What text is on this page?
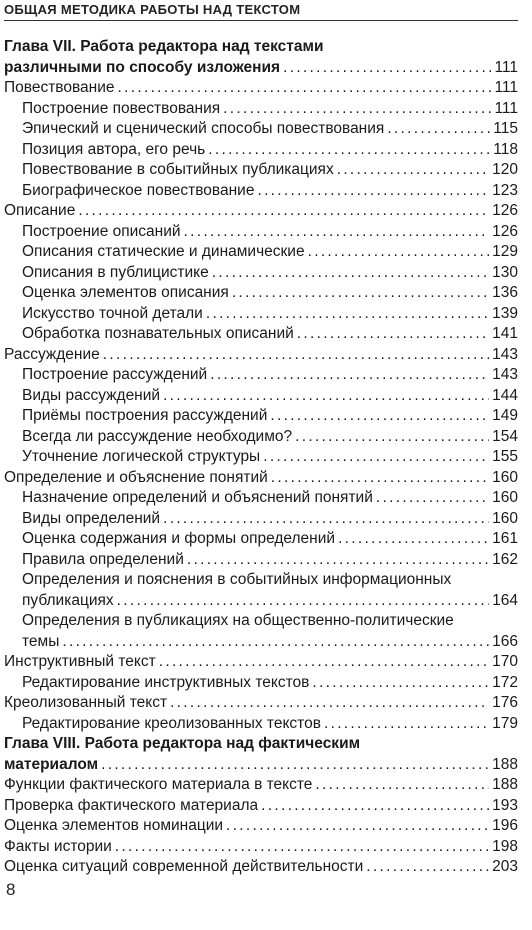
ОБЩАЯ МЕТОДИКА РАБОТЫ НАД ТЕКСТОМ
Глава VII. Работа редактора над текстами
различными по способу изложения . . .	111
Повествование . . .	111
Построение повествования . . .	111
Эпический и сценический способы повествования . . .	115
Позиция автора, его речь . . .	118
Повествование в событийных публикациях . . .	120
Биографическое повествование . . .	123
Описание . . .	126
Построение описаний . . .	126
Описания статические и динамические . . .	129
Описания в публицистике . . .	130
Оценка элементов описания . . .	136
Искусство точной детали . . .	139
Обработка познавательных описаний . . .	141
Рассуждение . . .	143
Построение рассуждений . . .	143
Виды рассуждений . . .	144
Приёмы построения рассуждений . . .	149
Всегда ли рассуждение необходимо? . . .	154
Уточнение логической структуры . . .	155
Определение и объяснение понятий . . .	160
Назначение определений и объяснений понятий . . .	160
Виды определений . . .	160
Оценка содержания и формы определений . . .	161
Правила определений . . .	162
Определения и пояснения в событийных информационных
публикациях . . .	164
Определения в публикациях на общественно-политические
темы . . .	166
Инструктивный текст . . .	170
Редактирование инструктивных текстов . . .	172
Креолизованный текст . . .	176
Редактирование креолизованных текстов . . .	179
Глава VIII. Работа редактора над фактическим
материалом . . .	188
Функции фактического материала в тексте . . .	188
Проверка фактического материала . . .	193
Оценка элементов номинации . . .	196
Факты истории . . .	198
Оценка ситуаций современной действительности . . .	203
8
